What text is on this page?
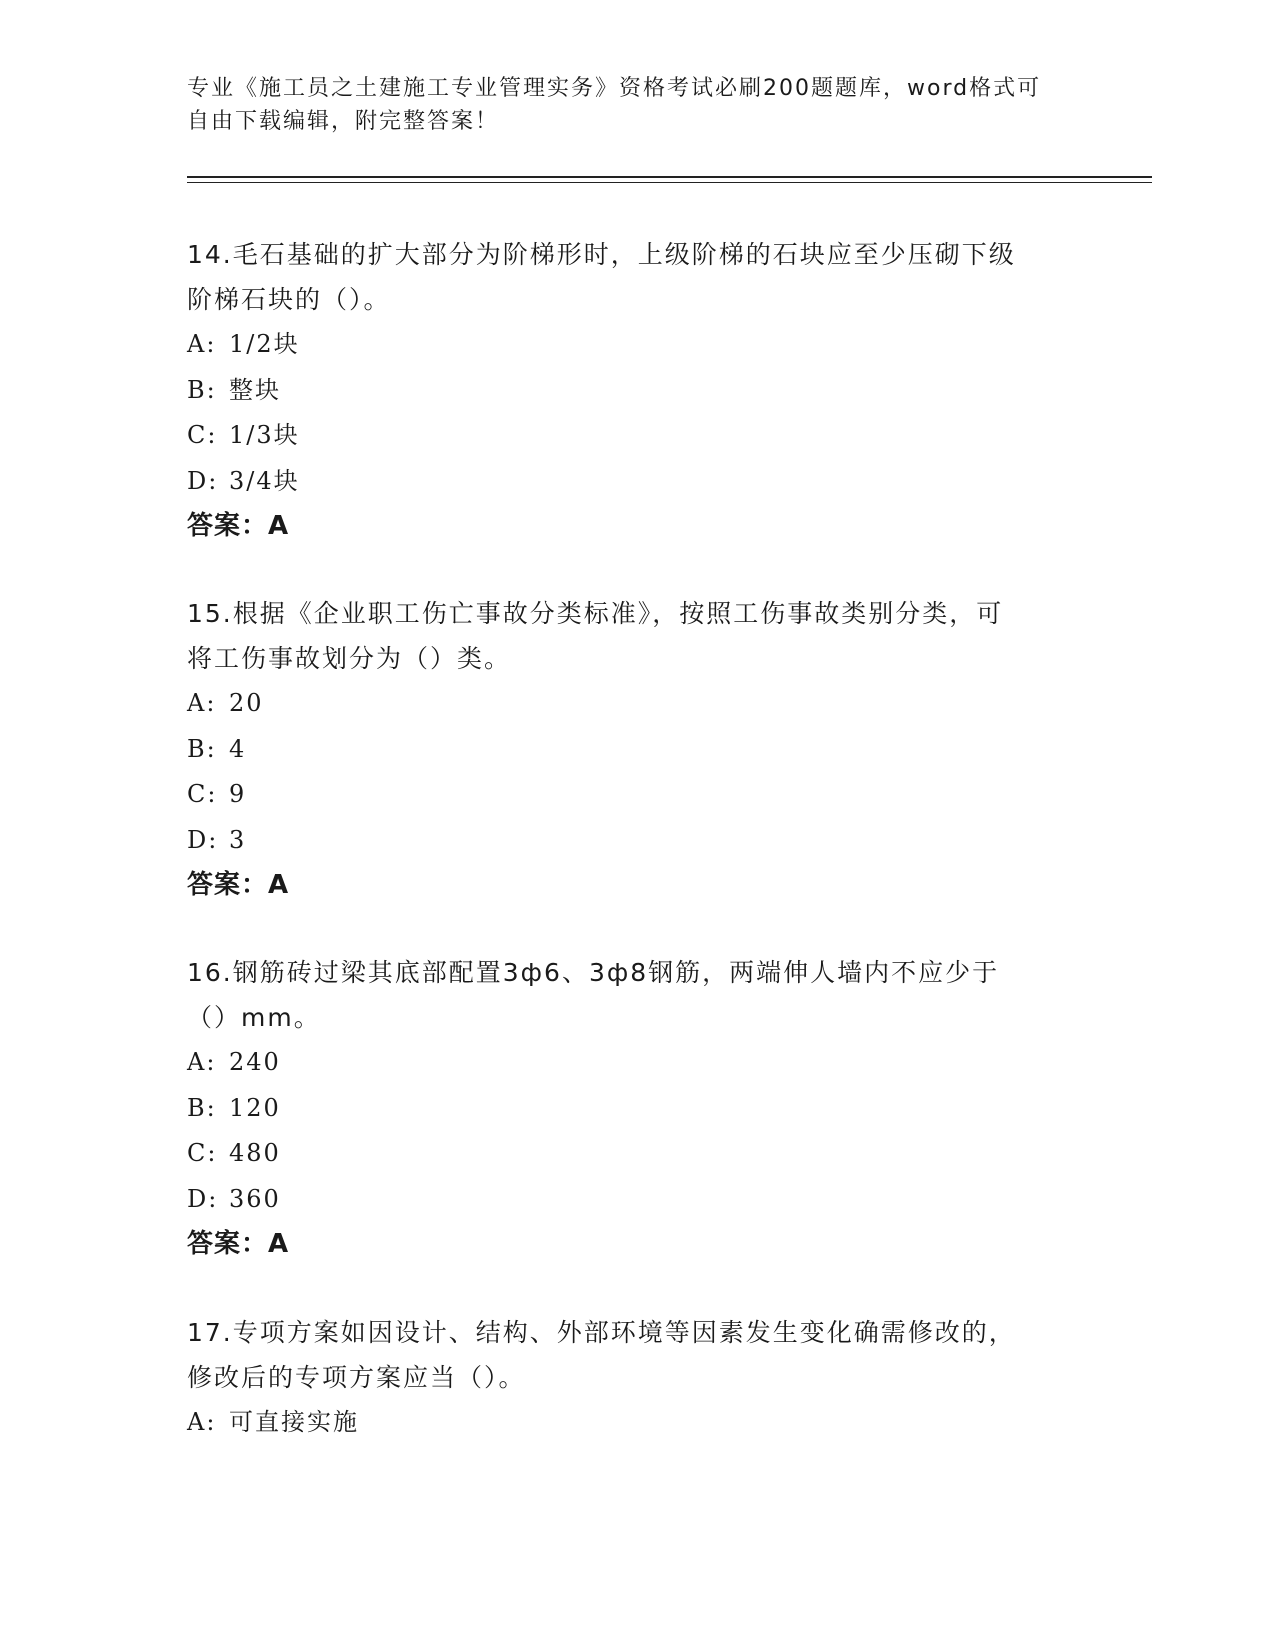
专业《施工员之土建施工专业管理实务》资格考试必刷200题题库，word格式可
自由下载编辑，附完整答案！

14.毛石基础的扩大部分为阶梯形时，上级阶梯的石块应至少压砌下级

阶梯石块的（）。

A: 1/2块

B: 整块

C: 1/3块

D: 3/4块

答案：A

15.根据《企业职工伤亡事故分类标准》，按照工伤事故类别分类，可

将工伤事故划分为（）类。

A: 20

B: 4

C: 9

D: 3

答案：A

16.钢筋砖过梁其底部配置3ф6、3ф8钢筋，两端伸人墙内不应少于

（）mm。

A: 240

B: 120

C: 480

D: 360

答案：A

17.专项方案如因设计、结构、外部环境等因素发生变化确需修改的，

修改后的专项方案应当（）。

A: 可直接实施
